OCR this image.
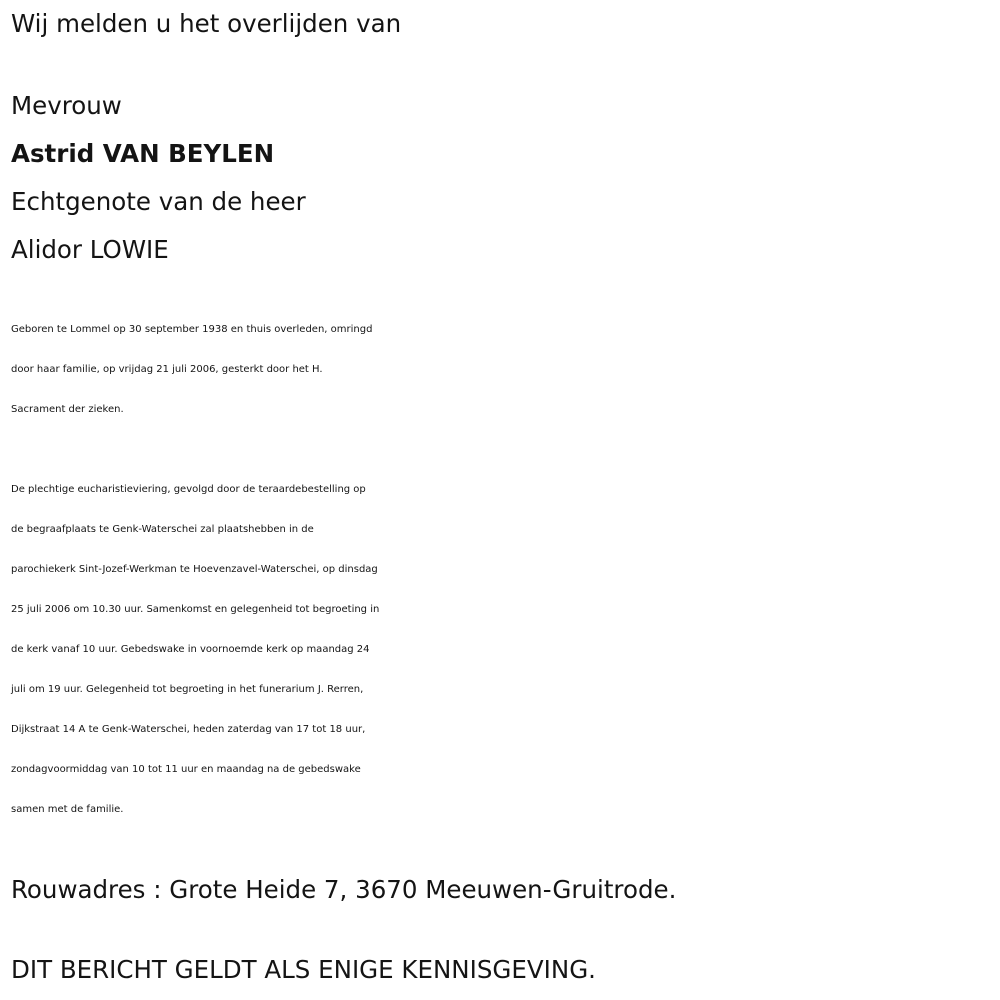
Wij melden u het overlijden van
Mevrouw
Astrid VAN BEYLEN
Echtgenote van de heer
Alidor LOWIE
Geboren te Lommel op 30 september 1938 en thuis overleden, omringd
door haar familie, op vrijdag 21 juli 2006, gesterkt door het H.
Sacrament der zieken.
De plechtige eucharistieviering, gevolgd door de teraardebestelling op
de begraafplaats te Genk-Waterschei zal plaatshebben in de
parochiekerk Sint-Jozef-Werkman te Hoevenzavel-Waterschei, op dinsdag
25 juli 2006 om 10.30 uur. Samenkomst en gelegenheid tot begroeting in
de kerk vanaf 10 uur. Gebedswake in voornoemde kerk op maandag 24
juli om 19 uur. Gelegenheid tot begroeting in het funerarium J. Rerren,
Dijkstraat 14 A te Genk-Waterschei, heden zaterdag van 17 tot 18 uur,
zondagvoormiddag van 10 tot 11 uur en maandag na de gebedswake
samen met de familie.
Rouwadres : Grote Heide 7, 3670 Meeuwen-Gruitrode.
DIT BERICHT GELDT ALS ENIGE KENNISGEVING.
